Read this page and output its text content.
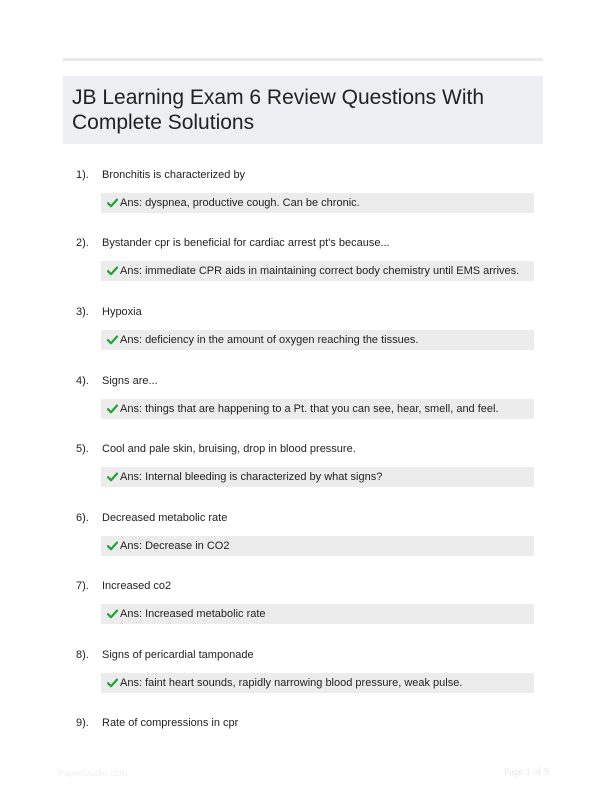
JB Learning Exam 6 Review Questions With Complete Solutions
1). Bronchitis is characterized by
Ans: dyspnea, productive cough. Can be chronic.
2). Bystander cpr is beneficial for cardiac arrest pt's because...
Ans: immediate CPR aids in maintaining correct body chemistry until EMS arrives.
3). Hypoxia
Ans: deficiency in the amount of oxygen reaching the tissues.
4). Signs are...
Ans: things that are happening to a Pt. that you can see, hear, smell, and feel.
5). Cool and pale skin, bruising, drop in blood pressure.
Ans: Internal bleeding is characterized by what signs?
6). Decreased metabolic rate
Ans: Decrease in CO2
7). Increased co2
Ans: Increased metabolic rate
8). Signs of pericardial tamponade
Ans: faint heart sounds, rapidly narrowing blood pressure, weak pulse.
9). Rate of compressions in cpr
PaperStudio.com	Page 1 of 9
